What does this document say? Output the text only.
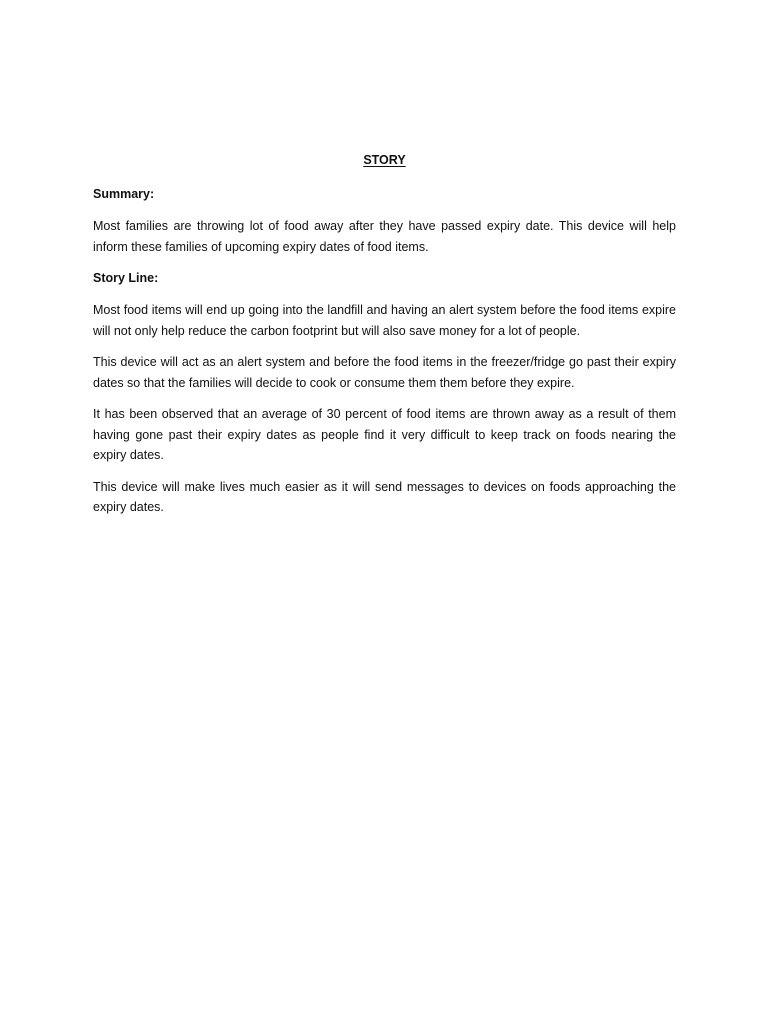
STORY
Summary:

Most families are throwing lot of food away after they have passed expiry date. This device will help inform these families of upcoming expiry dates of food items.

Story Line:

Most food items will end up going into the landfill and having an alert system before the food items expire will not only help reduce the carbon footprint but will also save money for a lot of people.

This device will act as an alert system and before the food items in the freezer/fridge go past their expiry dates so that the families will decide to cook or consume them them before they expire.

It has been observed that an average of 30 percent of food items are thrown away as a result of them having gone past their expiry dates as people find it very difficult to keep track on foods nearing the expiry dates.

This device will make lives much easier as it will send messages to devices on foods approaching the expiry dates.
